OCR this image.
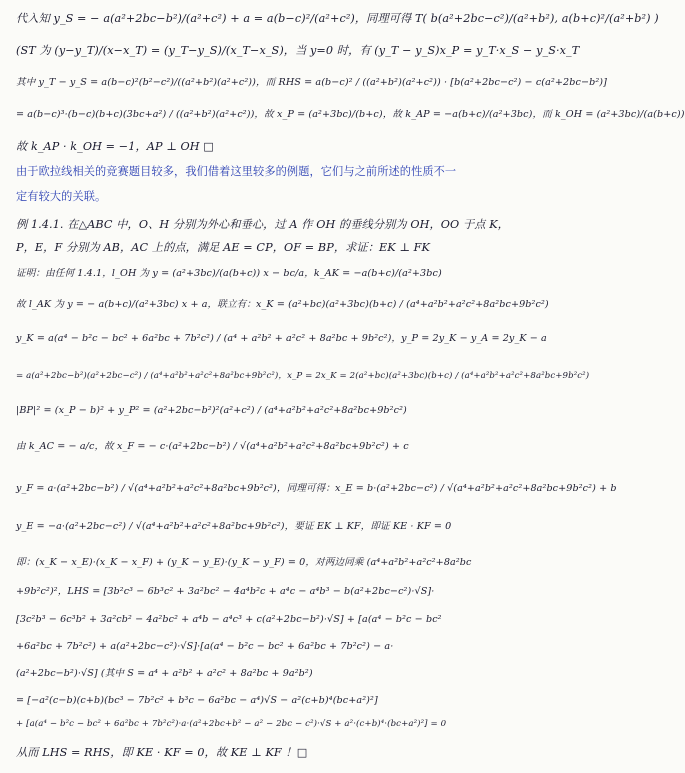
代入知 y_S = − a(a²+2bc−b²)/(a²+c²) + a = a(b−c)²/(a²+c²)，同理可得 T( b(a²+2bc−c²)/(a²+b²), a(b+c)²/(a²+b²) )
(ST 为 (y−y_T)/(x−x_T) = (y_T−y_S)/(x_T−x_S)，当 y=0 时，有 (y_T − y_S)x_P = y_T·x_S − y_S·x_T
其中 y_T − y_S = a(b−c)²(b²−c²)/((a²+b²)(a²+c²))，而 RHS = a(b−c)² / ((a²+b²)(a²+c²)) · [b(a²+2bc−c²) − c(a²+2bc−b²)]
= a(b−c)³·(b−c)(b+c)(3bc+a²) / ((a²+b²)(a²+c²))，故 x_P = (a²+3bc)/(b+c)，故 k_AP = −a(b+c)/(a²+3bc)，而 k_OH = (a²+3bc)/(a(b+c))
故 k_AP · k_OH = −1，AP ⊥ OH □
由于欧拉线相关的竞赛题目较多，我们借着这里较多的例题，它们与之前所述的性质不一
定有较大的关联。
例 1.4.1. 在△ABC 中，O、H 分别为外心和垂心，过 A 作 OH 的垂线分别为 OH，OO 于点 K，
P，E，F 分别为 AB，AC 上的点，满足 AE = CP，OF = BP，求证：EK ⊥ FK
证明：由任何 1.4.1，l_OH 为 y = (a²+3bc)/(a(b+c)) x − bc/a，k_AK = −a(b+c)/(a²+3bc)
故 l_AK 为 y = − a(b+c)/(a²+3bc) x + a，联立有：x_K = (a²+bc)(a²+3bc)(b+c) / (a⁴+a²b²+a²c²+8a²bc+9b²c²)
y_K = a(a⁴ − b²c − bc² + 6a²bc + 7b²c²) / (a⁴ + a²b² + a²c² + 8a²bc + 9b²c²)，y_P = 2y_K − y_A = 2y_K − a
= a(a²+2bc−b²)(a²+2bc−c²) / (a⁴+a²b²+a²c²+8a²bc+9b²c²)，x_P = 2x_K = 2(a²+bc)(a²+3bc)(b+c) / (a⁴+a²b²+a²c²+8a²bc+9b²c²)
|BP|² = (x_P − b)² + y_P² = (a²+2bc−b²)²(a²+c²) / (a⁴+a²b²+a²c²+8a²bc+9b²c²)
由 k_AC = − a/c，故 x_F = − c·(a²+2bc−b²) / √(a⁴+a²b²+a²c²+8a²bc+9b²c²) + c
y_F = a·(a²+2bc−b²) / √(a⁴+a²b²+a²c²+8a²bc+9b²c²)，同理可得：x_E = b·(a²+2bc−c²) / √(a⁴+a²b²+a²c²+8a²bc+9b²c²) + b
y_E = −a·(a²+2bc−c²) / √(a⁴+a²b²+a²c²+8a²bc+9b²c²)，要证 EK ⊥ KF，即证 KE · KF = 0
即：(x_K − x_E)·(x_K − x_F) + (y_K − y_E)·(y_K − y_F) = 0，对两边同乘 (a⁴+a²b²+a²c²+8a²bc
+9b²c²)²，LHS = [3b²c³ − 6b³c² + 3a²bc² − 4a⁴b²c + a⁴c − a⁴b³ − b(a²+2bc−c²)·√S]·
[3c²b³ − 6c³b² + 3a²cb² − 4a²bc² + a⁴b − a⁴c³ + c(a²+2bc−b²)·√S] + [a(a⁴ − b²c − bc²
+6a²bc + 7b²c²) + a(a²+2bc−c²)·√S]·[a(a⁴ − b²c − bc² + 6a²bc + 7b²c²) − a·
(a²+2bc−b²)·√S] (其中 S = a⁴ + a²b² + a²c² + 8a²bc + 9a²b²)
= [−a²(c−b)(c+b)(bc³ − 7b²c² + b³c − 6a²bc − a⁴)√S − a²(c+b)⁴(bc+a²)²]
+ [a(a⁴ − b²c − bc² + 6a²bc + 7b²c²)·a·(a²+2bc+b² − a² − 2bc − c²)·√S + a²·(c+b)⁴·(bc+a²)²] = 0
从而 LHS = RHS，即 KE · KF = 0，故 KE ⊥ KF ！□
